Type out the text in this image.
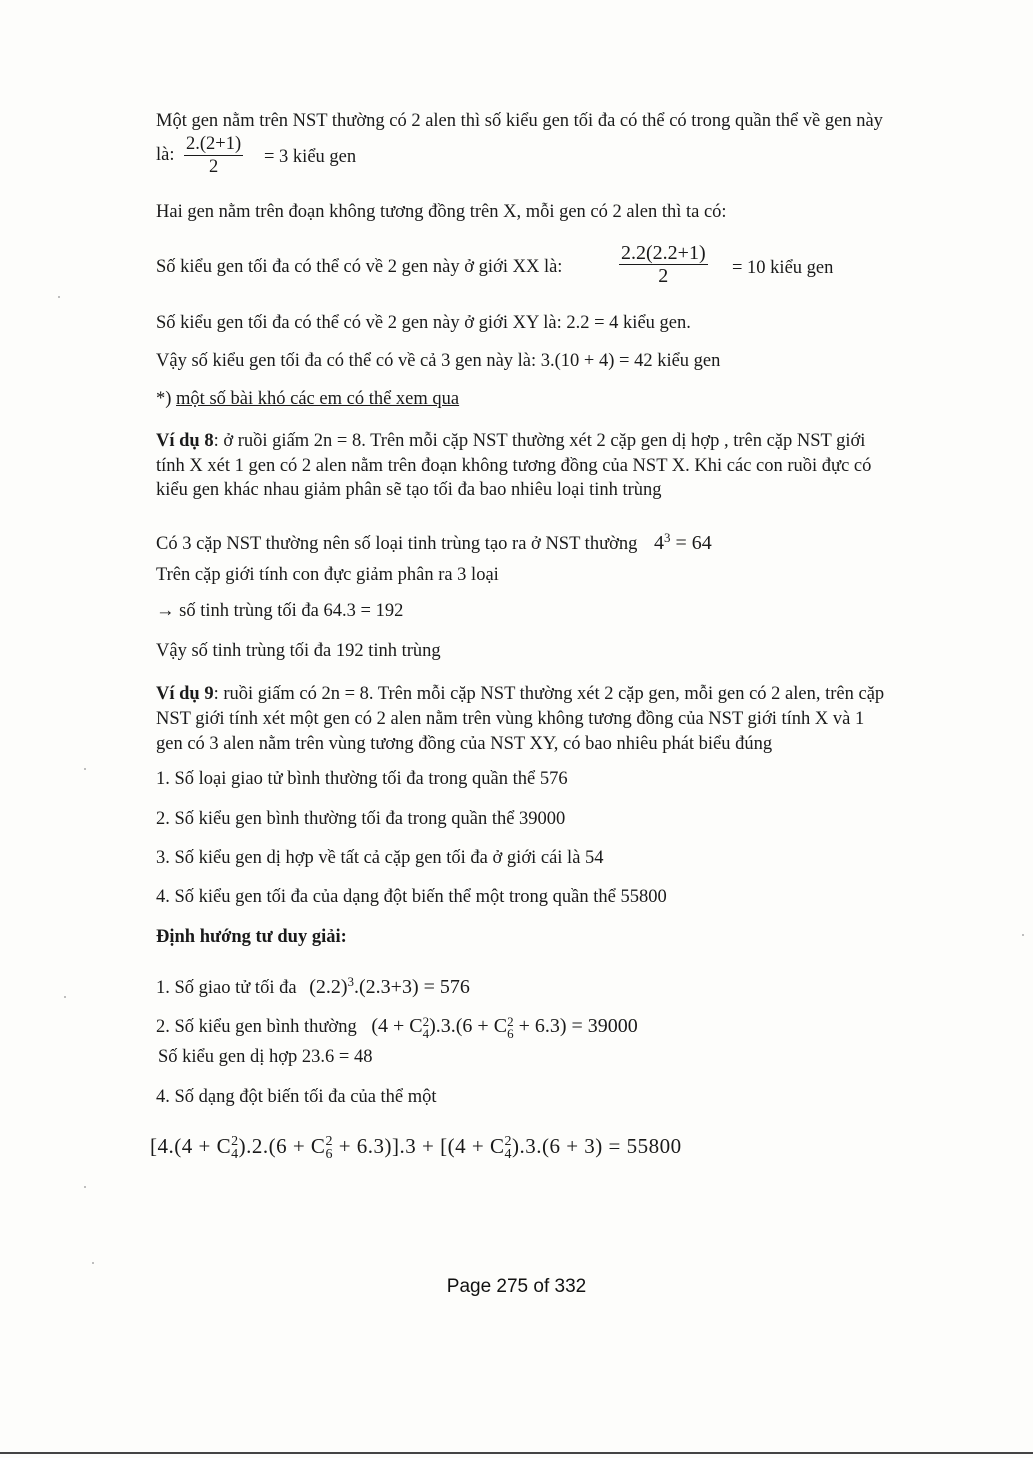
Một gen nằm trên NST thường có 2 alen thì số kiểu gen tối đa có thể có trong quần thể về gen này
là: $\frac{2.(2+1)}{2} = 3$ kiểu gen
Hai gen nằm trên đoạn không tương đồng trên X, mỗi gen có 2 alen thì ta có:
Số kiểu gen tối đa có thể có về 2 gen này ở giới XX là:	$\frac{2.2(2.2+1)}{2} = 10$ kiểu gen
Số kiểu gen tối đa có thể có về 2 gen này ở giới XY là: 2.2 = 4 kiểu gen.
Vậy số kiểu gen tối đa có thể có về cả 3 gen này là: 3.(10 + 4) = 42 kiểu gen
*) một số bài khó các em có thể xem qua
Ví dụ 8: ở ruồi giấm 2n = 8. Trên mỗi cặp NST thường xét 2 cặp gen dị hợp , trên cặp NST giới
tính X xét 1 gen có 2 alen nằm trên đoạn không tương đồng của NST X. Khi các con ruồi đực có
kiểu gen khác nhau giảm phân sẽ tạo tối đa bao nhiêu loại tinh trùng
Có 3 cặp NST thường nên số loại tinh trùng tạo ra ở NST thường $4^3 = 64$
Trên cặp giới tính con đực giảm phân ra 3 loại
→ số tinh trùng tối đa 64.3 = 192
Vậy số tinh trùng tối đa 192 tinh trùng
Ví dụ 9: ruồi giấm có 2n = 8. Trên mỗi cặp NST thường xét 2 cặp gen, mỗi gen có 2 alen, trên cặp
NST giới tính xét một gen có 2 alen nằm trên vùng không tương đồng của NST giới tính X và 1
gen có 3 alen nằm trên vùng tương đồng của NST XY, có bao nhiêu phát biểu đúng
1. Số loại giao tử bình thường tối đa trong quần thể 576
2. Số kiểu gen bình thường tối đa trong quần thể 39000
3. Số kiểu gen dị hợp về tất cả cặp gen tối đa ở giới cái là 54
4. Số kiểu gen tối đa của dạng đột biến thể một trong quần thể 55800
Định hướng tư duy giải:
1. Số giao tử tối đa $(2.2)^3.(2.3+3) = 576$
2. Số kiểu gen bình thường (4 + C 2
4 ).3.(6 + C 2
6 + 6.3) = 39000
Số kiểu gen dị hợp 23.6 = 48
4. Số dạng đột biến tối đa của thể một
[4.(4 + C 2
4 ).2.(6 + C 2
6 + 6.3)].3 + [(4 + C 2
4 ).3.(6 + 3) = 55800
Page 275 of 332
